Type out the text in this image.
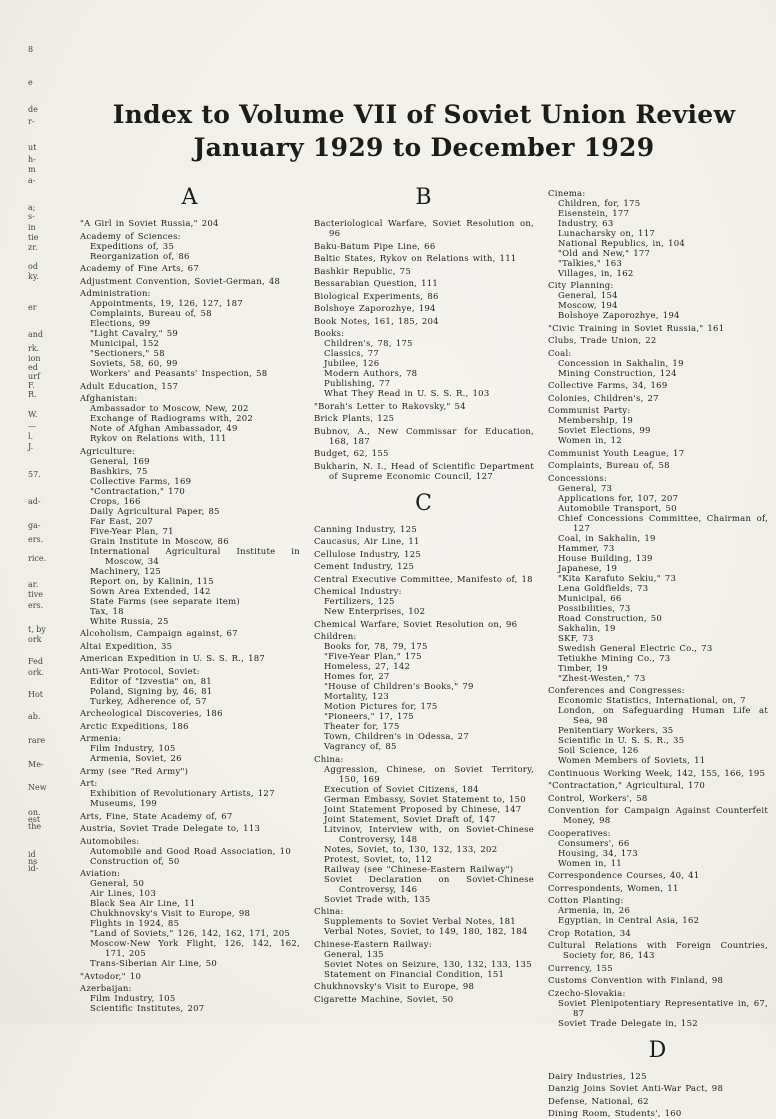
8
e
de
r-
ut
h-
m
a-
a;
s-
in
tie
zr.
od
ky.
er
and
rk.
ion
ed
urf
F.
R.
W.
—
l.
J.
57.
ad-
ga-
ers.
rice.
ar.
tive
ers.
t, by
ork
Fed
ork.
Hot
ab.
rare
Me-
New
on.
est
the
id
ns
id-
Index to Volume VII of Soviet Union Review
January 1929 to December 1929
A
"A Girl in Soviet Russia," 204
Academy of Sciences:
Expeditions of, 35
Reorganization of, 86
Academy of Fine Arts, 67
Adjustment Convention, Soviet-German, 48
Administration:
Appointments, 19, 126, 127, 187
Complaints, Bureau of, 58
Elections, 99
"Light Cavalry," 59
Municipal, 152
"Sectioners," 58
Soviets, 58, 60, 99
Workers' and Peasants' Inspection, 58
Adult Education, 157
Afghanistan:
Ambassador to Moscow, New, 202
Exchange of Radiograms with, 202
Note of Afghan Ambassador, 49
Rykov on Relations with, 111
Agriculture:
General, 169
Bashkirs, 75
Collective Farms, 169
"Contractation," 170
Crops, 166
Daily Agricultural Paper, 85
Far East, 207
Five-Year Plan, 71
Grain Institute in Moscow, 86
International Agricultural Institute in Moscow, 34
Machinery, 125
Report on, by Kalinin, 115
Sown Area Extended, 142
State Farms (see separate item)
Tax, 18
White Russia, 25
Alcoholism, Campaign against, 67
Altai Expedition, 35
American Expedition in U. S. S. R., 187
Anti-War Protocol, Soviet:
Editor of "Izvestia" on, 81
Poland, Signing by, 46, 81
Turkey, Adherence of, 57
Archeological Discoveries, 186
Arctic Expeditions, 186
Armenia:
Film Industry, 105
Armenia, Soviet, 26
Army (see "Red Army")
Art:
Exhibition of Revolutionary Artists, 127
Museums, 199
Arts, Fine, State Academy of, 67
Austria, Soviet Trade Delegate to, 113
Automobiles:
Automobile and Good Road Association, 10
Construction of, 50
Aviation:
General, 50
Air Lines, 103
Black Sea Air Line, 11
Chukhnovsky's Visit to Europe, 98
Flights in 1924, 85
"Land of Soviets," 126, 142, 162, 171, 205
Moscow-New York Flight, 126, 142, 162, 171, 205
Trans-Siberian Air Line, 50
"Avtodor," 10
Azerbaijan:
Film Industry, 105
Scientific Institutes, 207
B
Bacteriological Warfare, Soviet Resolution on, 96
Baku-Batum Pipe Line, 66
Baltic States, Rykov on Relations with, 111
Bashkir Republic, 75
Bessarabian Question, 111
Biological Experiments, 86
Bolshoye Zaporozhye, 194
Book Notes, 161, 185, 204
Books:
Children's, 78, 175
Classics, 77
Jubilee, 126
Modern Authors, 78
Publishing, 77
What They Read in U. S. S. R., 103
"Borah's Letter to Rakovsky," 54
Brick Plants, 125
Bubnov, A., New Commissar for Education, 168, 187
Budget, 62, 155
Bukharin, N. I., Head of Scientific Department of Supreme Economic Council, 127
C
Canning Industry, 125
Caucasus, Air Line, 11
Cellulose Industry, 125
Cement Industry, 125
Central Executive Committee, Manifesto of, 18
Chemical Industry:
Fertilizers, 125
New Enterprises, 102
Chemical Warfare, Soviet Resolution on, 96
Children:
Books for, 78, 79, 175
"Five-Year Plan," 175
Homeless, 27, 142
Homes for, 27
"House of Children's Books," 79
Mortality, 123
Motion Pictures for, 175
"Pioneers," 17, 175
Theater for, 175
Town, Children's in Odessa, 27
Vagrancy of, 85
China:
Aggression, Chinese, on Soviet Territory, 150, 169
Execution of Soviet Citizens, 184
German Embassy, Soviet Statement to, 150
Joint Statement Proposed by Chinese, 147
Joint Statement, Soviet Draft of, 147
Litvinov, Interview with, on Soviet-Chinese Controversy, 148
Notes, Soviet, to, 130, 132, 133, 202
Protest, Soviet, to, 112
Railway (see "Chinese-Eastern Railway")
Soviet Declaration on Soviet-Chinese Controversy, 146
Soviet Trade with, 135
China:
Supplements to Soviet Verbal Notes, 181
Verbal Notes, Soviet, to 149, 180, 182, 184
Chinese-Eastern Railway:
General, 135
Soviet Notes on Seizure, 130, 132, 133, 135
Statement on Financial Condition, 151
Chukhnovsky's Visit to Europe, 98
Cigarette Machine, Soviet, 50
Cinema:
Children, for, 175
Eisenstein, 177
Industry, 63
Lunacharsky on, 117
National Republics, in, 104
"Old and New," 177
"Talkies," 163
Villages, in, 162
City Planning:
General, 154
Moscow, 194
Bolshoye Zaporozhye, 194
"Civic Training in Soviet Russia," 161
Clubs, Trade Union, 22
Coal:
Concession in Sakhalin, 19
Mining Construction, 124
Collective Farms, 34, 169
Colonies, Children's, 27
Communist Party:
Membership, 19
Soviet Elections, 99
Women in, 12
Communist Youth League, 17
Complaints, Bureau of, 58
Concessions:
General, 73
Applications for, 107, 207
Automobile Transport, 50
Chief Concessions Committee, Chairman of, 127
Coal, in Sakhalin, 19
Hammer, 73
House Building, 139
Japanese, 19
"Kita Karafuto Sekiu," 73
Lena Goldfields, 73
Municipal, 66
Possibilities, 73
Road Construction, 50
Sakhalin, 19
SKF, 73
Swedish General Electric Co., 73
Tetiukhe Mining Co., 73
Timber, 19
"Zhest-Westen," 73
Conferences and Congresses:
Economic Statistics, International, on, 7
London, on Safeguarding Human Life at Sea, 98
Penitentiary Workers, 35
Scientific in U. S. S. R., 35
Soil Science, 126
Women Members of Soviets, 11
Continuous Working Week, 142, 155, 166, 195
"Contractation," Agricultural, 170
Control, Workers', 58
Convention for Campaign Against Counterfeit Money, 98
Cooperatives:
Consumers', 66
Housing, 34, 173
Women in, 11
Correspondence Courses, 40, 41
Correspondents, Women, 11
Cotton Planting:
Armenia, in, 26
Egyptian, in Central Asia, 162
Crop Rotation, 34
Cultural Relations with Foreign Countries, Society for, 86, 143
Currency, 155
Customs Convention with Finland, 98
Czecho-Slovakia:
Soviet Plenipotentiary Representative in, 67, 87
Soviet Trade Delegate in, 152
D
Dairy Industries, 125
Danzig Joins Soviet Anti-War Pact, 98
Defense, National, 62
Dining Room, Students', 160
